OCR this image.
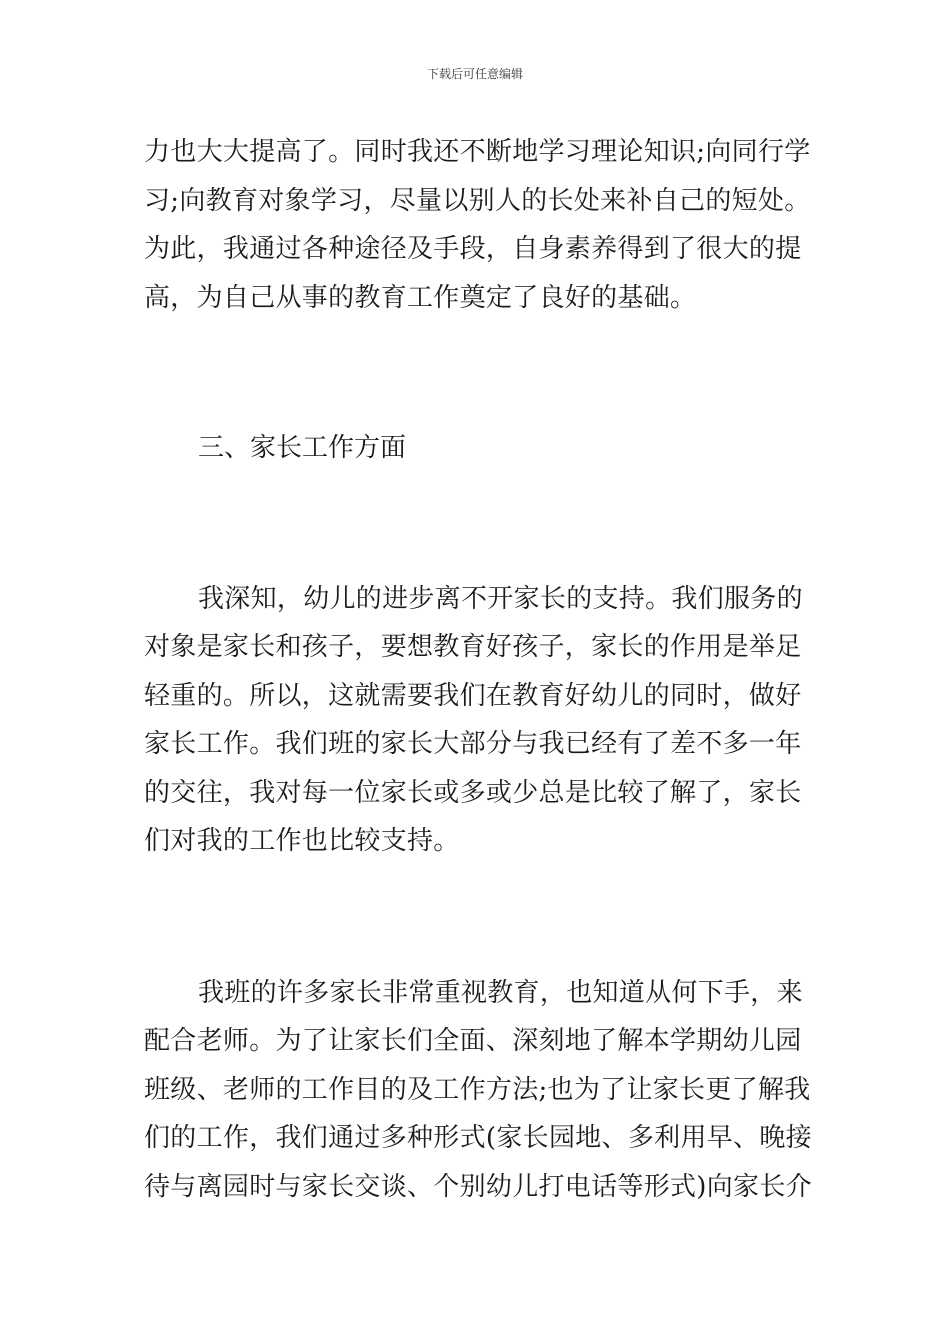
下载后可任意编辑
力也大大提高了。同时我还不断地学习理论知识;向同行学
习;向教育对象学习，尽量以别人的长处来补自己的短处。
为此，我通过各种途径及手段，自身素养得到了很大的提
高，为自己从事的教育工作奠定了良好的基础。
三、家长工作方面
我深知，幼儿的进步离不开家长的支持。我们服务的
对象是家长和孩子，要想教育好孩子，家长的作用是举足
轻重的。所以，这就需要我们在教育好幼儿的同时，做好
家长工作。我们班的家长大部分与我已经有了差不多一年
的交往，我对每一位家长或多或少总是比较了解了，家长
们对我的工作也比较支持。
我班的许多家长非常重视教育，也知道从何下手，来
配合老师。为了让家长们全面、深刻地了解本学期幼儿园
班级、老师的工作目的及工作方法;也为了让家长更了解我
们的工作，我们通过多种形式(家长园地、多利用早、晚接
待与离园时与家长交谈、个别幼儿打电话等形式)向家长介
